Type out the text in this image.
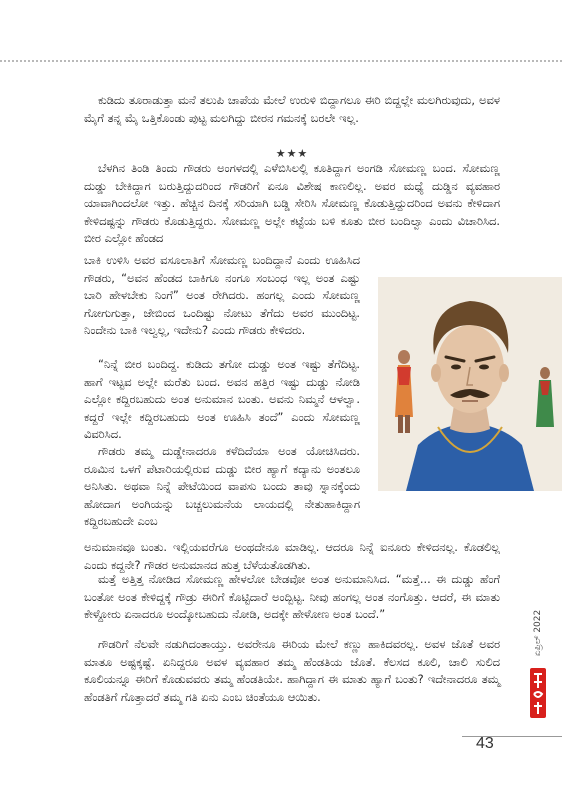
ಕುಡಿದು ತೂರಾಡುತ್ತಾ ಮನೆ ತಲುಪಿ ಚಾಪೆಯ ಮೇಲೆ ಉರುಳಿ ಬಿದ್ದಾಗಲೂ ಈರಿ ಬಿದ್ದಲ್ಲೇ ಮಲಗಿರುವುದು, ಅವಳ ಮೈಗೆ ತನ್ನ ಮೈ ಒತ್ತಿಕೊಂಡು ಪುಟ್ಟ ಮಲಗಿದ್ದು ಬೀರನ ಗಮನಕ್ಕೆ ಬರಲೇ ಇಲ್ಲ.

★★★

ಬೆಳಗಿನ ತಿಂಡಿ ತಿಂದು ಗೌಡರು ಅಂಗಳದಲ್ಲಿ ಎಳೆಬಿಸಿಲಲ್ಲಿ ಕೂತಿದ್ದಾಗ ಅಂಗಡಿ ಸೋಮಣ್ಣ ಬಂದ. ಸೋಮಣ್ಣ ದುಡ್ಡು ಬೇಕಿದ್ದಾಗ ಬರುತ್ತಿದ್ದುದರಿಂದ ಗೌಡರಿಗೆ ಏನೂ ವಿಶೇಷ ಕಾಣಲಿಲ್ಲ. ಅವರ ಮಧ್ಯೆ ದುಡ್ಡಿನ ವ್ಯವಹಾರ ಯಾವಾಗಿಂದಲೋ ಇತ್ತು. ಹೆಚ್ಚಿನ ದಿನಕ್ಕೆ ಸರಿಯಾಗಿ ಬಡ್ಡಿ ಸೇರಿಸಿ ಸೋಮಣ್ಣ ಕೊಡುತ್ತಿದ್ದುದರಿಂದ ಅವನು ಕೇಳಿದಾಗ ಕೇಳಿದಷ್ಟನ್ನು ಗೌಡರು ಕೊಡುತ್ತಿದ್ದರು. ಸೋಮಣ್ಣ ಅಲ್ಲೇ ಕಟ್ಟೆಯ ಬಳಿ ಕೂತು ಬೀರ ಬಂದಿಲ್ವಾ ಎಂದು ವಿಚಾರಿಸಿದ. ಬೀರ ಎಲ್ಲೋ ಹೆಂಡದ

ಬಾಕಿ ಉಳಿಸಿ ಅವರ ವಸೂಲಾತಿಗೆ ಸೋಮಣ್ಣ ಬಂದಿದ್ದಾನೆ ಎಂದು ಊಹಿಸಿದ ಗೌಡರು, “ಅವನ ಹೆಂಡದ ಬಾಕಿಗೂ ನಂಗೂ ಸಂಬಂಧ ಇಲ್ಲ ಅಂತ ಎಷ್ಟು ಬಾರಿ ಹೇಳಬೇಕು ನಿಂಗೆ” ಅಂತ ರೇಗಿದರು. ಹಂಗಲ್ಲ ಎಂದು ಸೋಮಣ್ಣ ಗೋಗುಗುತ್ತಾ, ಜೇಬಿಂದ ಒಂದಿಷ್ಟು ನೋಟು ತೆಗೆದು ಅವರ ಮುಂದಿಟ್ಟ. ನಿಂದೇನು ಬಾಕಿ ಇಲ್ವಲ್ಲ, ಇದೇನು? ಎಂದು ಗೌಡರು ಕೇಳಿದರು.

“ನಿನ್ನೆ ಬೀರ ಬಂದಿದ್ದ. ಕುಡಿದು ತಗೋ ದುಡ್ಡು ಅಂತ ಇಷ್ಟು ತೆಗೆದಿಟ್ಟ. ಹಾಗೆ ಇಟ್ಟವ ಅಲ್ಲೇ ಮರೆತು ಬಂದ. ಅವನ ಹತ್ತಿರ ಇಷ್ಟು ದುಡ್ಡು ನೋಡಿ ಎಲ್ಲೋ ಕದ್ದಿರಬಹುದು ಅಂತ ಅನುಮಾನ ಬಂತು. ಅವನು ನಿಮ್ಮನೆ ಆಳಲ್ವಾ. ಕದ್ದರೆ ಇಲ್ಲೇ ಕದ್ದಿರಬಹುದು ಅಂತ ಊಹಿಸಿ ತಂದೆ” ಎಂದು ಸೋಮಣ್ಣ ವಿವರಿಸಿದ.

ಗೌಡರು ತಮ್ಮ ದುಡ್ಡೇನಾದರೂ ಕಳೆದಿದೆಯಾ ಅಂತ ಯೋಚಿಸಿದರು. ರೂಮಿನ ಒಳಗೆ ಪೆಟಾರಿಯಲ್ಲಿರುವ ದುಡ್ಡು ಬೀರ ಹ್ಯಾಗೆ ಕದ್ಯಾನು ಅಂತಲೂ ಅನಿಸಿತು. ಅಥವಾ ನಿನ್ನೆ ಪೇಟೆಯಿಂದ ವಾಪಸು ಬಂದು ತಾವು ಸ್ನಾನಕ್ಕೆಂದು ಹೋದಾಗ ಅಂಗಿಯನ್ನು ಬಚ್ಚಲುಮನೆಯ ಲಾಯದಲ್ಲಿ ನೇತುಹಾಕಿದ್ದಾಗ ಕದ್ದಿರಬಹುದೇ ಎಂಬ

ಅನುಮಾನವೂ ಬಂತು. ಇಲ್ಲಿಯವರೆಗೂ ಅಂಥದೇನೂ ಮಾಡಿಲ್ಲ. ಆದರೂ ನಿನ್ನೆ ಐನೂರು ಕೇಳಿದನಲ್ಲ. ಕೊಡಲಿಲ್ಲ ಎಂದು ಕದ್ದನೇ? ಗೌಡರ ಅನುಮಾನದ ಹುತ್ತ ಬೆಳೆಯತೊಡಗಿತು.

ಮತ್ತೆ ಅತ್ತಿತ್ತ ನೋಡಿದ ಸೋಮಣ್ಣ ಹೇಳಲೋ ಬೇಡವೋ ಅಂತ ಅನುಮಾನಿಸಿದ. “ಮತ್ತೆ... ಈ ದುಡ್ಡು ಹೆಂಗೆ ಬಂತೋ ಅಂತ ಕೇಳಿದ್ದಕ್ಕೆ ಗೌಡ್ರು ಈರಿಗೆ ಕೊಟ್ಟಿದಾರೆ ಅಂದ್ಬಿಟ್ಟ. ನೀವು ಹಂಗಲ್ಲ ಅಂತ ನಂಗೊತ್ತು. ಆದರೆ, ಈ ಮಾತು ಕೇಳ್ದೋರು ಏನಾದರೂ ಅಂದ್ಕೋಬಹುದು ನೋಡಿ, ಅದಕ್ಕೇ ಹೇಳೋಣ ಅಂತ ಬಂದೆ.”

ಗೌಡರಿಗೆ ನೆಲವೇ ನಡುಗಿದಂತಾಯ್ತು. ಅವರೇನೂ ಈರಿಯ ಮೇಲೆ ಕಣ್ಣು ಹಾಕಿದವರಲ್ಲ. ಅವಳ ಜೊತೆ ಅವರ ಮಾತೂ ಅಷ್ಟಕ್ಕಷ್ಟೆ. ಏನಿದ್ದರೂ ಅವಳ ವ್ಯವಹಾರ ತಮ್ಮ ಹೆಂಡತಿಯ ಜೊತೆ. ಕೆಲಸದ ಕೂಲಿ, ಚಾಲಿ ಸುಲಿದ ಕೂಲಿಯನ್ನೂ ಈರಿಗೆ ಕೊಡುವವರು ತಮ್ಮ ಹೆಂಡತಿಯೇ. ಹಾಗಿದ್ದಾಗ ಈ ಮಾತು ಹ್ಯಾಗೆ ಬಂತು? ಇದೇನಾದರೂ ತಮ್ಮ ಹೆಂಡತಿಗೆ ಗೊತ್ತಾದರೆ ತಮ್ಮ ಗತಿ ಏನು ಎಂಬ ಚಿಂತೆಯೂ ಆಯಿತು.

ಏಪ್ರಿಲ್ 2022
43
